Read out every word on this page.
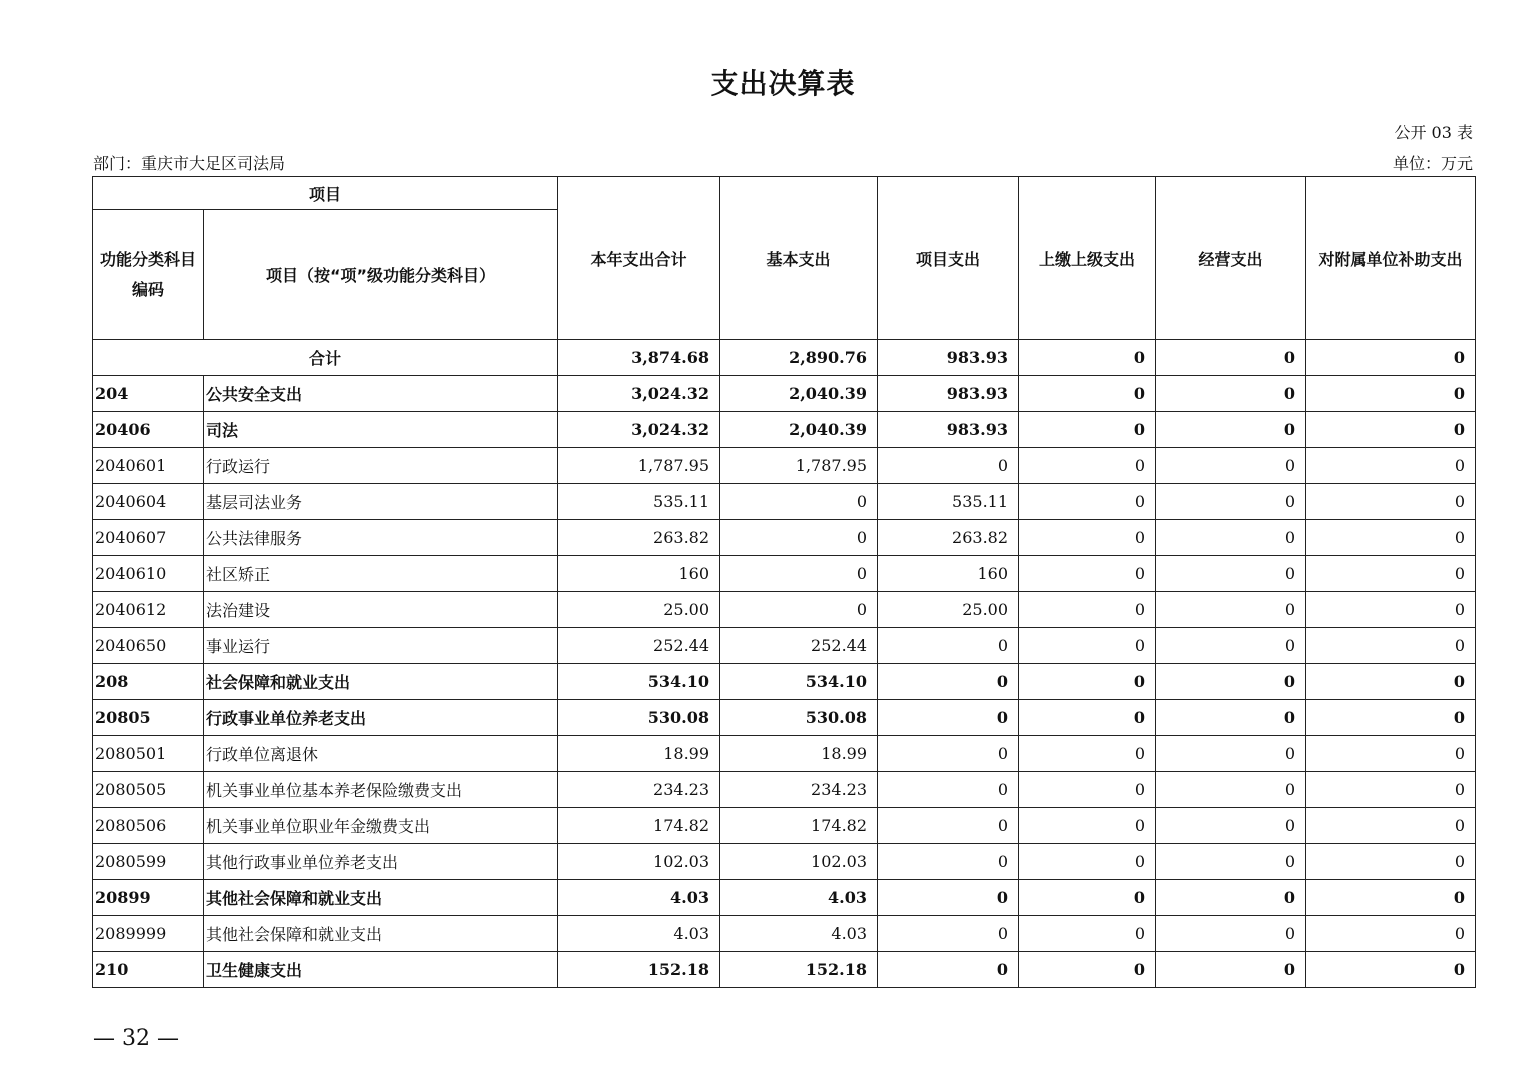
支出决算表
公开 03 表
部门：重庆市大足区司法局	单位：万元
项目		本年支出合计	基本支出	项目支出	上缴上级支出	经营支出	对附属单位补助支出

功能分类科目
编码	项目（按“项”级功能分类科目）						
合计		3,874.68	2,890.76	983.93	0	0	0
204	公共安全支出	3,024.32	2,040.39	983.93	0	0	0
20406	司法	3,024.32	2,040.39	983.93	0	0	0
2040601	行政运行	1,787.95	1,787.95	0	0	0	0
2040604	基层司法业务	535.11	0	535.11	0	0	0
2040607	公共法律服务	263.82	0	263.82	0	0	0
2040610	社区矫正	160	0	160	0	0	0
2040612	法治建设	25.00	0	25.00	0	0	0
2040650	事业运行	252.44	252.44	0	0	0	0
208	社会保障和就业支出	534.10	534.10	0	0	0	0
20805	行政事业单位养老支出	530.08	530.08	0	0	0	0
2080501	行政单位离退休	18.99	18.99	0	0	0	0
2080505	机关事业单位基本养老保险缴费支出	234.23	234.23	0	0	0	0
2080506	机关事业单位职业年金缴费支出	174.82	174.82	0	0	0	0
2080599	其他行政事业单位养老支出	102.03	102.03	0	0	0	0
20899	其他社会保障和就业支出	4.03	4.03	0	0	0	0
2089999	其他社会保障和就业支出	4.03	4.03	0	0	0	0
210	卫生健康支出	152.18	152.18	0	0	0	0
— 32 —
